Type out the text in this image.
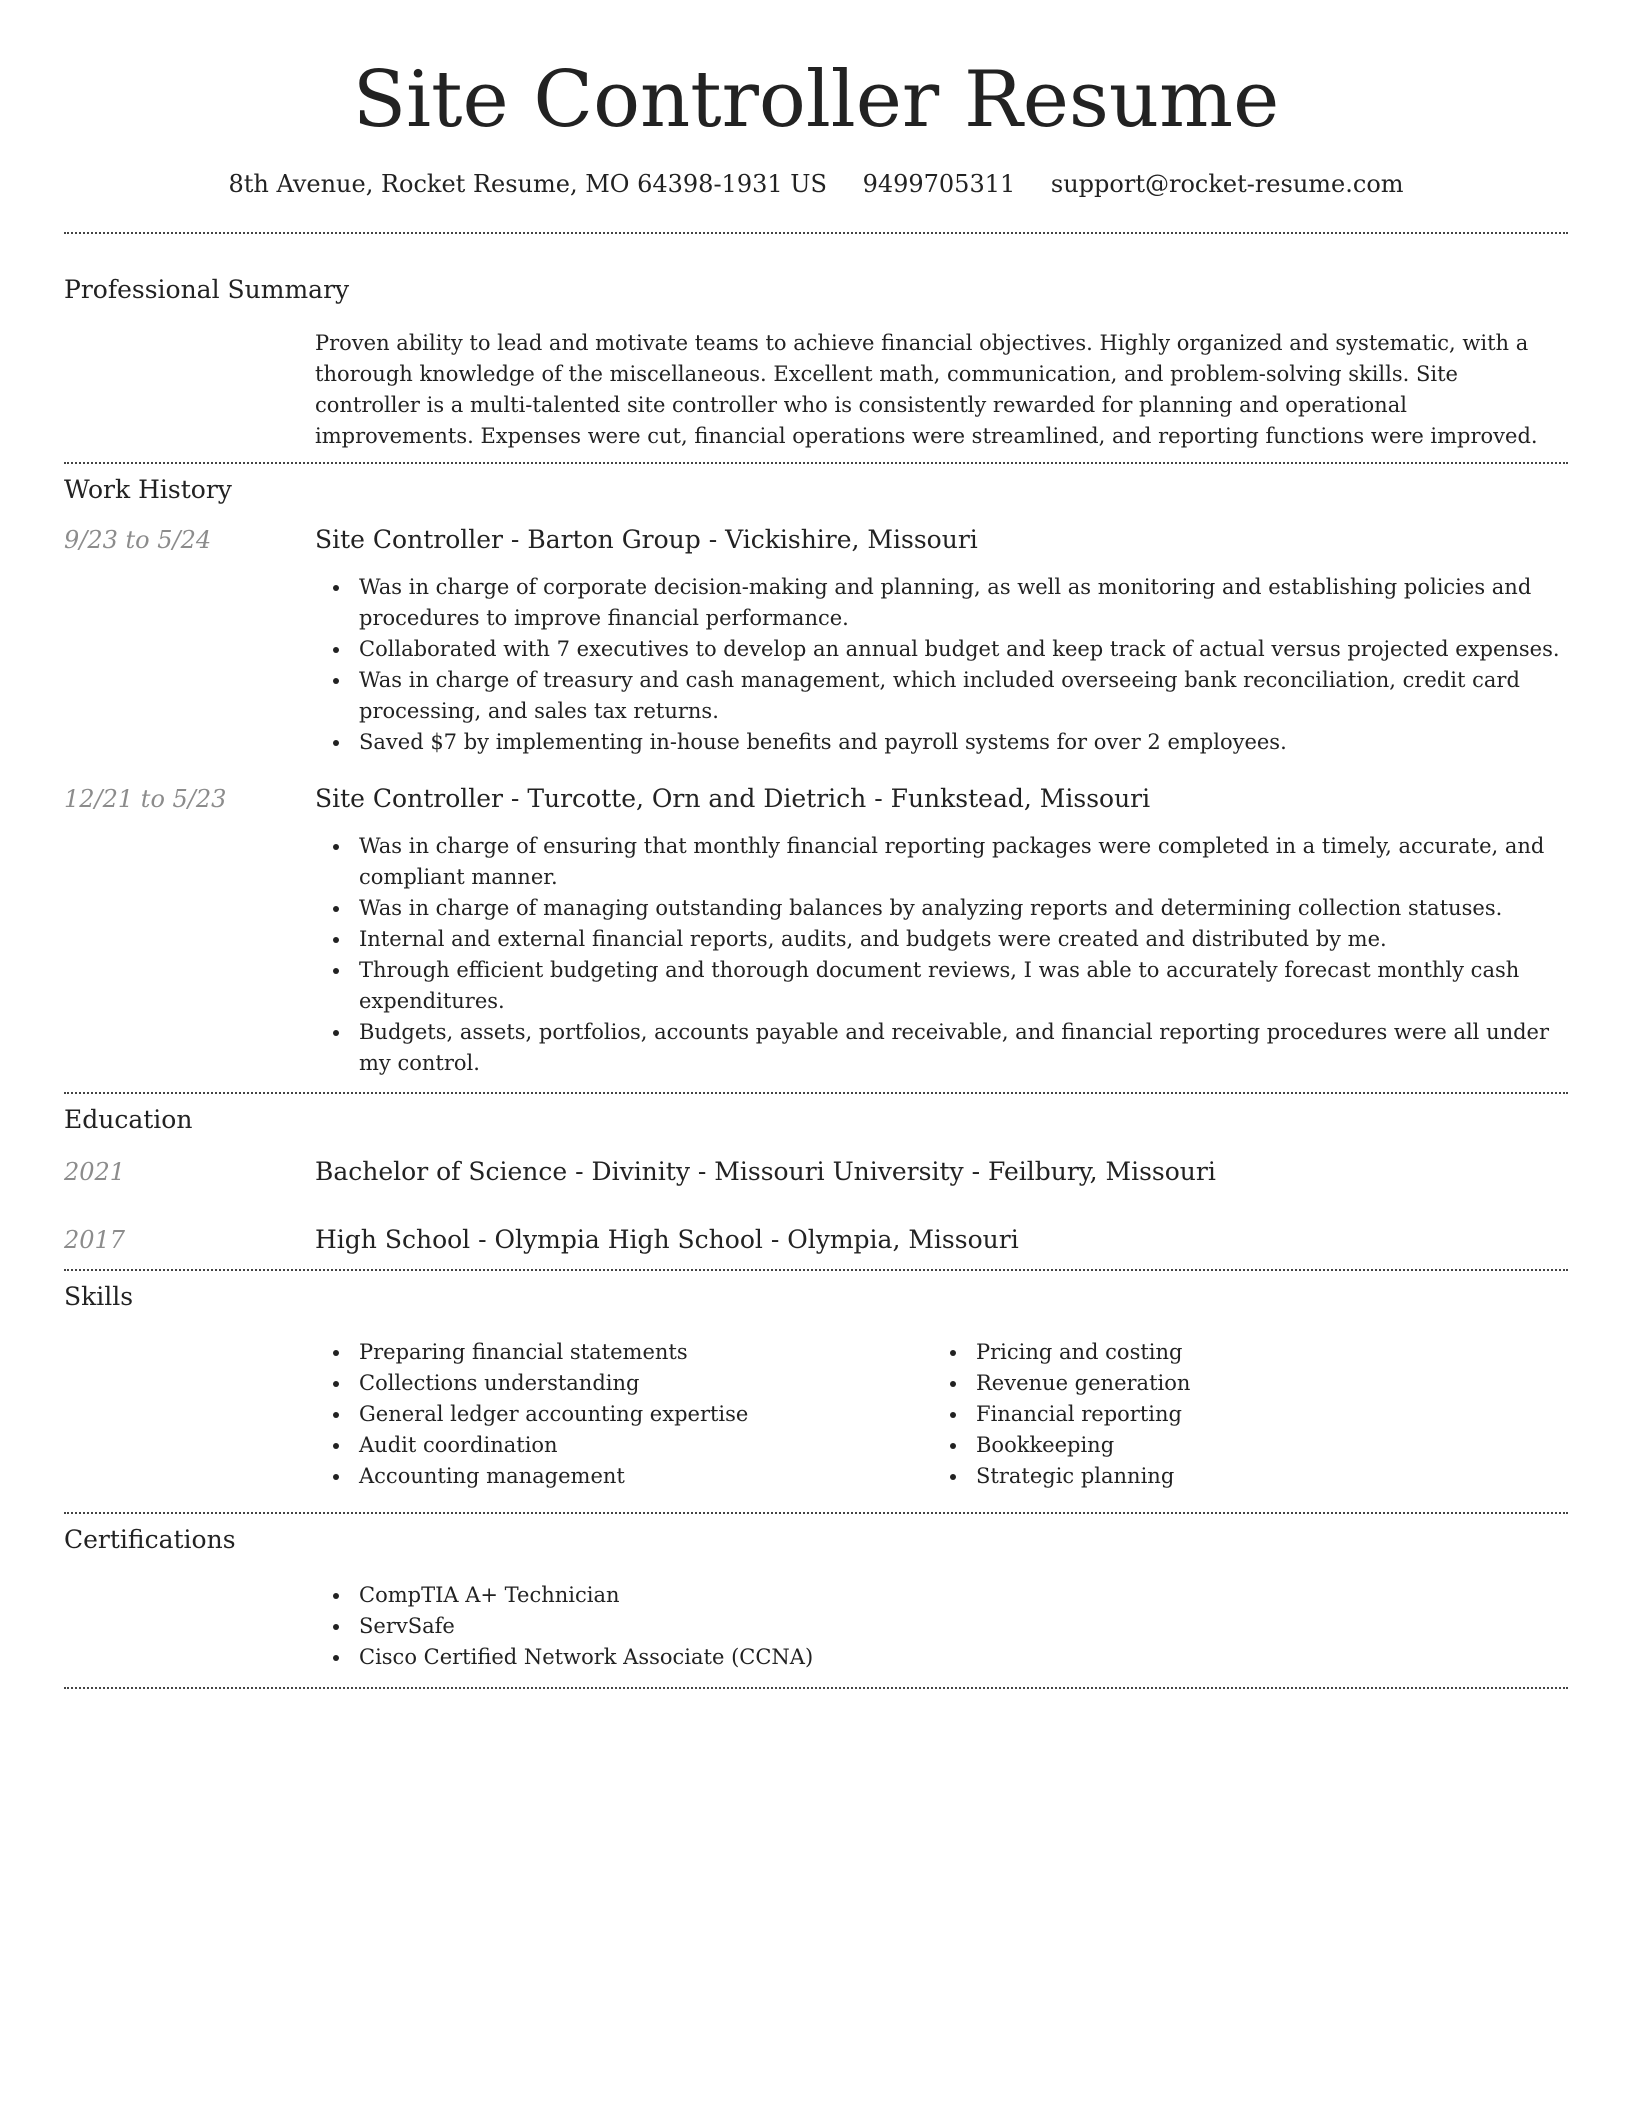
Site Controller Resume
8th Avenue, Rocket Resume, MO 64398-1931 US 9499705311 support@rocket-resume.com
Professional Summary

Proven ability to lead and motivate teams to achieve financial objectives. Highly organized and systematic, with a thorough knowledge of the miscellaneous. Excellent math, communication, and problem-solving skills. Site controller is a multi-talented site controller who is consistently rewarded for planning and operational improvements. Expenses were cut, financial operations were streamlined, and reporting functions were improved.

Work History
9/23 to 5/24	Site Controller - Barton Group - Vickishire, Missouri
Was in charge of corporate decision-making and planning, as well as monitoring and establishing policies and procedures to improve financial performance.
Collaborated with 7 executives to develop an annual budget and keep track of actual versus projected expenses.
Was in charge of treasury and cash management, which included overseeing bank reconciliation, credit card processing, and sales tax returns.
Saved $7 by implementing in-house benefits and payroll systems for over 2 employees.
12/21 to 5/23	Site Controller - Turcotte, Orn and Dietrich - Funkstead, Missouri
Was in charge of ensuring that monthly financial reporting packages were completed in a timely, accurate, and compliant manner.
Was in charge of managing outstanding balances by analyzing reports and determining collection statuses.
Internal and external financial reports, audits, and budgets were created and distributed by me.
Through efficient budgeting and thorough document reviews, I was able to accurately forecast monthly cash expenditures.
Budgets, assets, portfolios, accounts payable and receivable, and financial reporting procedures were all under my control.
Education
2021	Bachelor of Science - Divinity - Missouri University - Feilbury, Missouri
2017	High School - Olympia High School - Olympia, Missouri
Skills
Preparing financial statements
Collections understanding
General ledger accounting expertise
Audit coordination
Accounting management
Pricing and costing
Revenue generation
Financial reporting
Bookkeeping
Strategic planning
Certifications
CompTIA A+ Technician
ServSafe
Cisco Certified Network Associate (CCNA)
